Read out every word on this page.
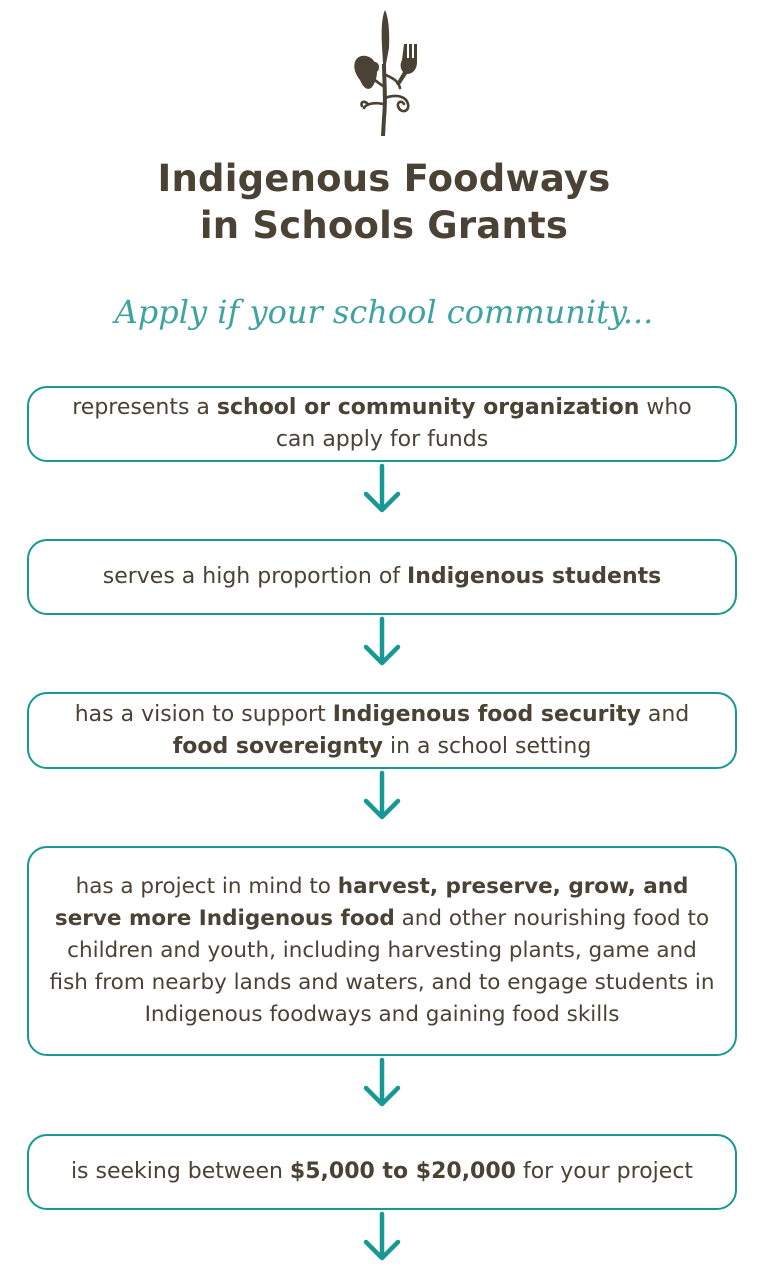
Indigenous Foodways
in Schools Grants
Apply if your school community...

represents a school or community organization who can apply for funds

serves a high proportion of Indigenous students

has a vision to support Indigenous food security and food sovereignty in a school setting

has a project in mind to harvest, preserve, grow, and serve more Indigenous food and other nourishing food to children and youth, including harvesting plants, game and fish from nearby lands and waters, and to engage students in Indigenous foodways and gaining food skills

is seeking between $5,000 to $20,000 for your project
